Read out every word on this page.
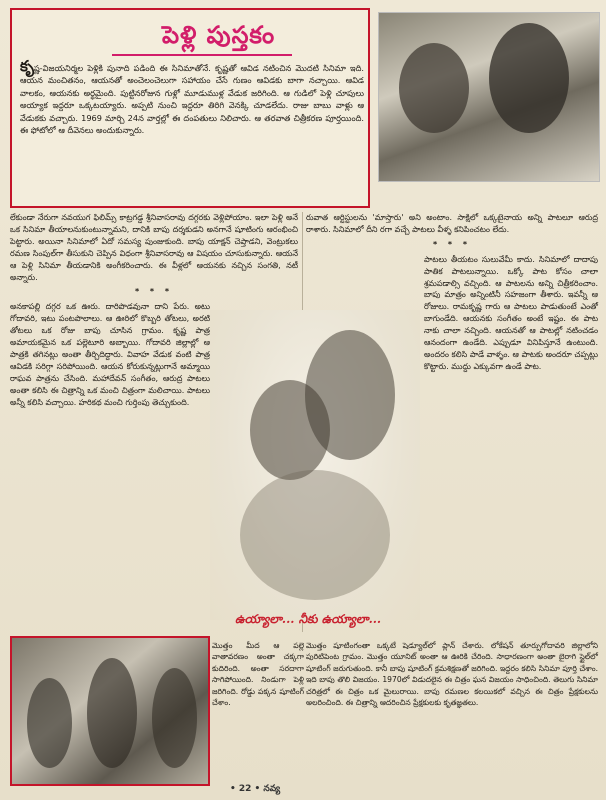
పెళ్లి పుస్తకం

కృష్ణ-విజయనిర్మల పెళ్లికి పునాది పడింది ఈ సినిమాతోనే. కృష్ణతో ఆవిడ నటించిన మొదటి సినిమా ఇది. ఆయన మంచితనం, ఆయనతో అంచెలంచెలుగా సహాయం చేసే గుణం ఆవిడకు బాగా నచ్చాయి. ఆవిడ వాలకం, ఆయనకు అర్థమైంది. పుట్టినరోజున గుళ్లో మూడుముళ్ల వేడుక జరిగింది. ఆ గుడిలో పెళ్లి చూపులు అయ్యాక ఇద్దరూ ఒక్కటయ్యారు. అప్పటి నుంచి ఇద్దరూ తిరిగి వెనక్కి చూడలేదు. రాజు బాబు వాళ్లు ఆ వేడుకకు వచ్చారు. 1969 మార్చి 24న వార్తల్లో ఈ దంపతులు నిలిచారు. ఆ తరవాత చిత్రీకరణ పూర్తయింది. ఈ ఫోటోలో ఆ దీవెనలు అందుకున్నారు.

లేకుండా నేరుగా నవయుగ ఫిలిమ్స్ కాట్రగడ్డ శ్రీనివాసరావు దగ్గరకు వెళ్లిపోయాం. ఇలా పెళ్లి అనే ఒక సినిమా తీయాలనుకుంటున్నామని, దానికి బాపు దర్శకుడని అనగానే షూటింగు ఆరంభించి పెట్టారు. అయినా సినిమాలో ఏదో సమస్య పుంజుకుంది. బాపు యాక్షన్ చెప్తాడని, వెంట్రుకలు రమణ సింపుల్‌గా తీసుకుని చెప్పిన విధంగా శ్రీనివాసరావు ఆ విషయం చూసుకున్నారు. ఆయనే ఆ పెళ్లి సినిమా తీయడానికి అంగీకరించారు. ఈ వీళ్లలో ఆయనకు నచ్చిన సంగతి, నటీ అన్నారు.

* * *

అనకాపల్లి దగ్గర ఒక ఊరు. దారిపొడవునా దాని పేరు. అటు గోదావరి, ఇటు పంటపొలాలు. ఆ ఊరిలో కొబ్బరి తోటలు, అరటి తోటలు ఒక రోజు బాపు చూసిన గ్రామం. కృష్ణ పాత్ర అమాయకమైన ఒక పల్లెటూరి అబ్బాయి. గోదావరి జిల్లాల్లో ఆ పాత్రకి తగినట్లు అంతా తీర్చిదిద్దారు. వివాహ వేడుక వంటి పాత్ర ఆవిడకి సరిగ్గా సరిపోయింది. ఆయన కోరుకున్నట్లుగానే అమ్మాయి రాఘవ పాత్రను చేసింది. మహాదేవన్ సంగీతం, ఆరుద్ర పాటలు అంతా కలిసి ఈ చిత్రాన్ని ఒక మంచి చిత్రంగా మలిచాయి. పాటలు అన్నీ కలిసి వచ్చాయి. హరికథ మంచి గుర్తింపు తెచ్చుకుంది.

రువాత ఆర్టిస్టులను 'మాస్తారు' అని అంటాం. సాక్షిలో ఒక్కటైనాయ అన్ని పాటలూ ఆరుద్ర రాశారు. సినిమాలో దీని రగా వచ్చే పాటలు వీళ్ళ కనిపించటం లేదు.

* * *

పాటలు తీయటం సులువేమీ కాదు. సినిమాలో దాదాపు పాతిక పాటలున్నాయి. ఒక్కో పాట కోసం చాలా శ్రమపడాల్సి వచ్చింది. ఆ పాటలను అన్ని చిత్రీకరించాం. బాపు మాత్రం అన్నింటినీ సహజంగా తీశారు. ఇవన్నీ ఆ రోజులు. రామకృష్ణ గారు ఆ పాటలు పాడుతుంటే ఎంతో బాగుండేది. ఆయనకు సంగీతం అంటే ఇష్టం. ఈ పాట నాకు చాలా నచ్చింది. ఆయనతో ఆ పాటల్లో నటించడం ఆనందంగా ఉండేది. ఎప్పుడూ వినిపిస్తూనే ఉంటుంది. అందరం కలిసి పాడే వాళ్ళం. ఆ పాటకు అందరూ చప్పట్లు కొట్టారు. ముద్దు ఎక్కువగా ఉండే పాట.

ఉయ్యాలా... నీకు ఉయ్యాలా...

మొత్తం మీద ఆ పల్లె వాతావరణం అంతా చక్కగా కుదిరింది. అంతా సరదాగా సాగిపోయింది. నిండుగా పెళ్లి జరిగింది. రోడ్డు పక్కన షూటింగ్ చేశాం.

మొత్తం షూటింగంతా ఒక్కటే షెడ్యూల్‌లో ప్లాన్ చేశారు. లోకేషన్ తూర్పుగోదావరి జిల్లాలోని పురిటిపెంట గ్రామం. మొత్తం యూనిట్ అంతా ఆ ఊరికి చేరింది. సాధారణంగా అంతా బైరాగి స్టైల్‌లో షూటింగ్ జరుగుతుంది. కానీ బాపు షూటింగ్ క్రమశిక్షణతో జరిగింది. ఇద్దరం కలిసి సినిమా పూర్తి చేశాం. ఇది బాపు తొలి విజయం. 1970లో విడుదలైన ఈ చిత్రం ఘన విజయం సాధించింది. తెలుగు సినిమా చరిత్రలో ఈ చిత్రం ఒక మైలురాయి. బాపు రమణల కలయికలో వచ్చిన ఈ చిత్రం ప్రేక్షకులను అలరించింది. ఈ చిత్రాన్ని ఆదరించిన ప్రేక్షకులకు కృతజ్ఞతలు.

• 22 • నవ్య
